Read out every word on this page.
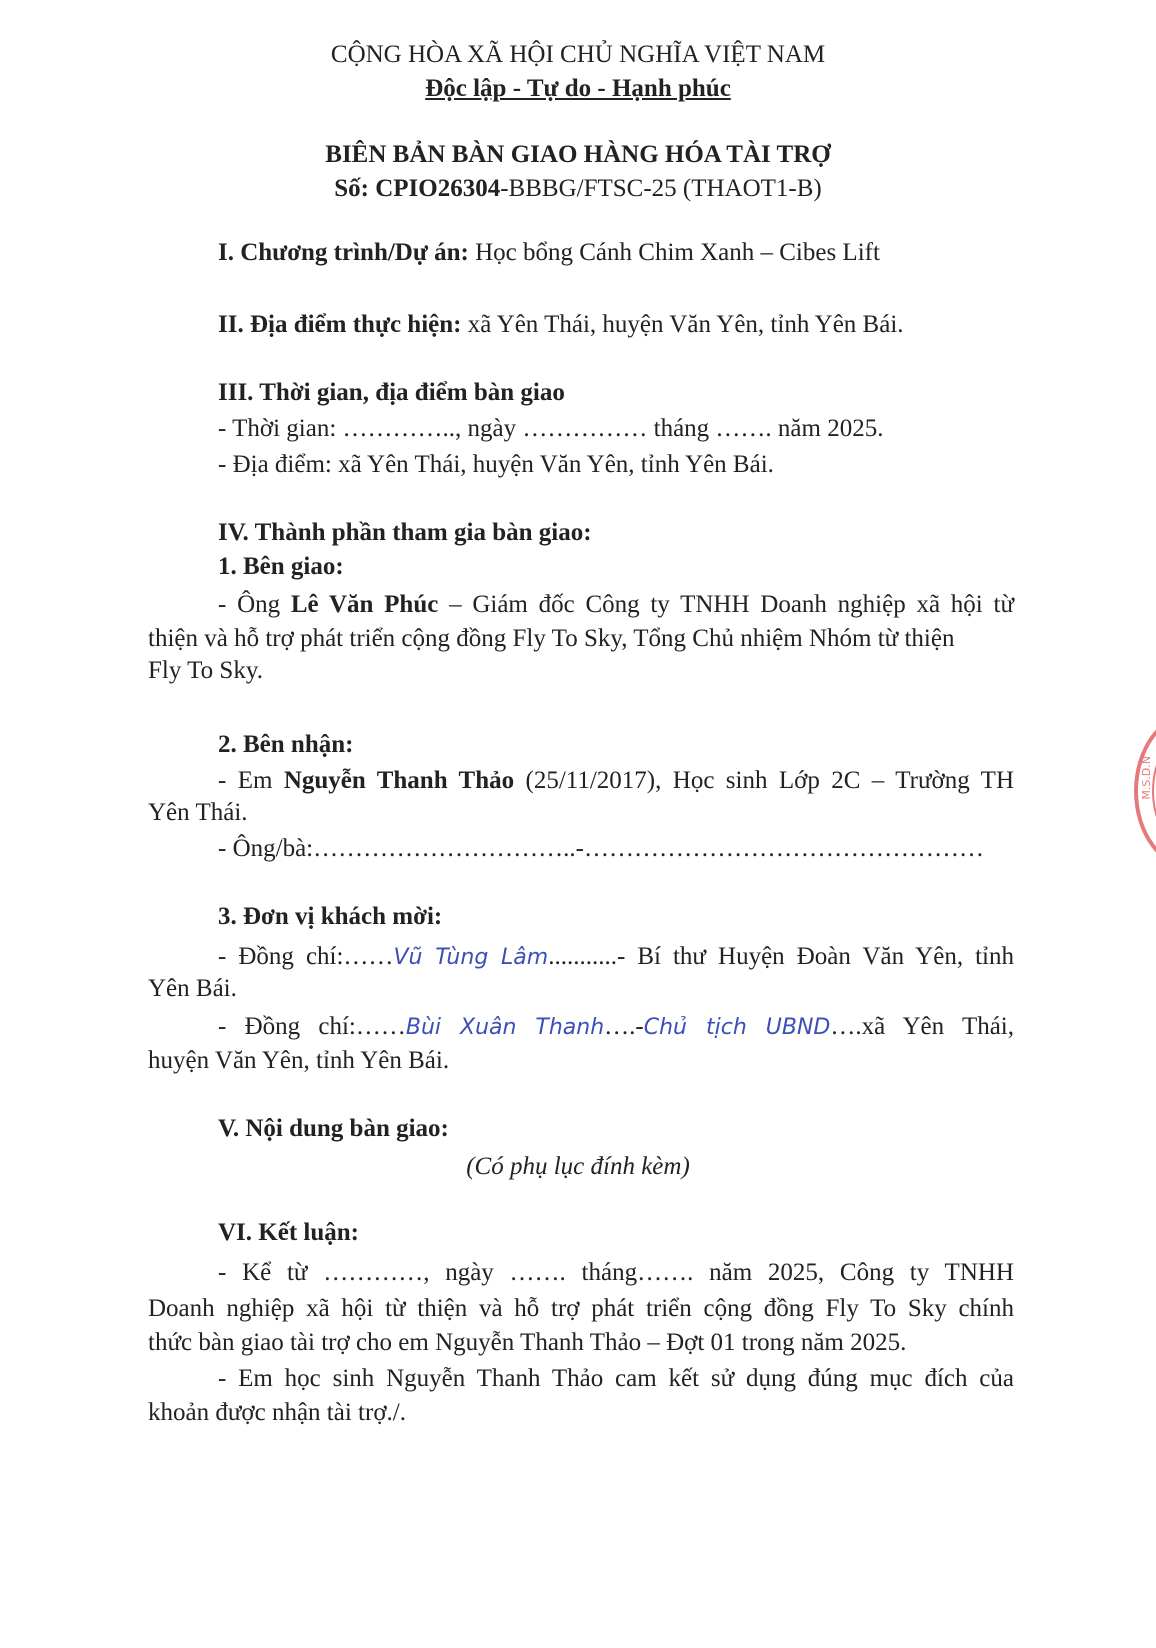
CỘNG HÒA XÃ HỘI CHỦ NGHĨA VIỆT NAM
Độc lập - Tự do - Hạnh phúc
BIÊN BẢN BÀN GIAO HÀNG HÓA TÀI TRỢ
Số: CPIO26304-BBBG/FTSC-25 (THAOT1-B)
I. Chương trình/Dự án: Học bổng Cánh Chim Xanh – Cibes Lift
II. Địa điểm thực hiện: xã Yên Thái, huyện Văn Yên, tỉnh Yên Bái.
III. Thời gian, địa điểm bàn giao
- Thời gian: ………….., ngày …………… tháng ……. năm 2025.
- Địa điểm: xã Yên Thái, huyện Văn Yên, tỉnh Yên Bái.
IV. Thành phần tham gia bàn giao:
1. Bên giao:
- Ông Lê Văn Phúc – Giám đốc Công ty TNHH Doanh nghiệp xã hội từ
thiện và hỗ trợ phát triển cộng đồng Fly To Sky, Tổng Chủ nhiệm Nhóm từ thiện
Fly To Sky.
2. Bên nhận:
- Em Nguyễn Thanh Thảo (25/11/2017), Học sinh Lớp 2C – Trường TH
Yên Thái.
- Ông/bà:…………………………..-…………………………………………
3. Đơn vị khách mời:
- Đồng chí:……Vũ Tùng Lâm...........- Bí thư Huyện Đoàn Văn Yên, tỉnh
Yên Bái.
- Đồng chí:……Bùi Xuân Thanh….-Chủ tịch UBND….xã Yên Thái,
huyện Văn Yên, tỉnh Yên Bái.
V. Nội dung bàn giao:
(Có phụ lục đính kèm)
VI. Kết luận:
- Kể từ …………, ngày ……. tháng……. năm 2025, Công ty TNHH
Doanh nghiệp xã hội từ thiện và hỗ trợ phát triển cộng đồng Fly To Sky chính
thức bàn giao tài trợ cho em Nguyễn Thanh Thảo – Đợt 01 trong năm 2025.
- Em học sinh Nguyễn Thanh Thảo cam kết sử dụng đúng mục đích của
khoản được nhận tài trợ./.
M.S.D.N
